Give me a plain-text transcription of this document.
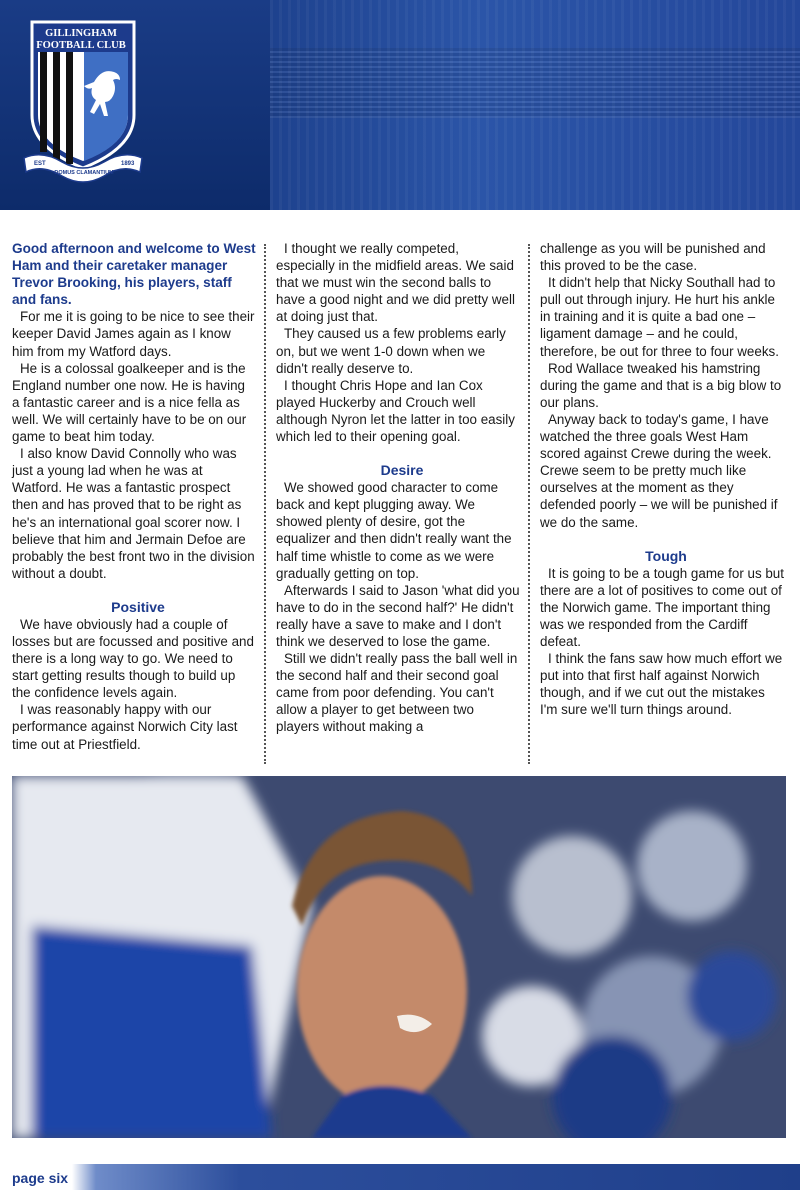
GILLINGHAM
FOOTBALL CLUB
EST	1893
DOMUS CLAMANTIUM

Good afternoon and welcome to West Ham and their caretaker manager Trevor Brooking, his players, staff and fans.

For me it is going to be nice to see their keeper David James again as I know him from my Watford days.

He is a colossal goalkeeper and is the England number one now. He is having a fantastic career and is a nice fella as well. We will certainly have to be on our game to beat him today.

I also know David Connolly who was just a young lad when he was at Watford. He was a fantastic prospect then and has proved that to be right as he's an international goal scorer now. I believe that him and Jermain Defoe are probably the best front two in the division without a doubt.

Positive

We have obviously had a couple of losses but are focussed and positive and there is a long way to go. We need to start getting results though to build up the confidence levels again.

I was reasonably happy with our performance against Norwich City last time out at Priestfield.

I thought we really competed, especially in the midfield areas. We said that we must win the second balls to have a good night and we did pretty well at doing just that.

They caused us a few problems early on, but we went 1-0 down when we didn't really deserve to.

I thought Chris Hope and Ian Cox played Huckerby and Crouch well although Nyron let the latter in too easily which led to their opening goal.

Desire

We showed good character to come back and kept plugging away. We showed plenty of desire, got the equalizer and then didn't really want the half time whistle to come as we were gradually getting on top.

Afterwards I said to Jason 'what did you have to do in the second half?' He didn't really have a save to make and I don't think we deserved to lose the game.

Still we didn't really pass the ball well in the second half and their second goal came from poor defending. You can't allow a player to get between two players without making a

challenge as you will be punished and this proved to be the case.

It didn't help that Nicky Southall had to pull out through injury. He hurt his ankle in training and it is quite a bad one – ligament damage – and he could, therefore, be out for three to four weeks.

Rod Wallace tweaked his hamstring during the game and that is a big blow to our plans.

Anyway back to today's game, I have watched the three goals West Ham scored against Crewe during the week. Crewe seem to be pretty much like ourselves at the moment as they defended poorly – we will be punished if we do the same.

Tough

It is going to be a tough game for us but there are a lot of positives to come out of the Norwich game. The important thing was we responded from the Cardiff defeat.

I think the fans saw how much effort we put into that first half against Norwich though, and if we cut out the mistakes I'm sure we'll turn things around.

page six
